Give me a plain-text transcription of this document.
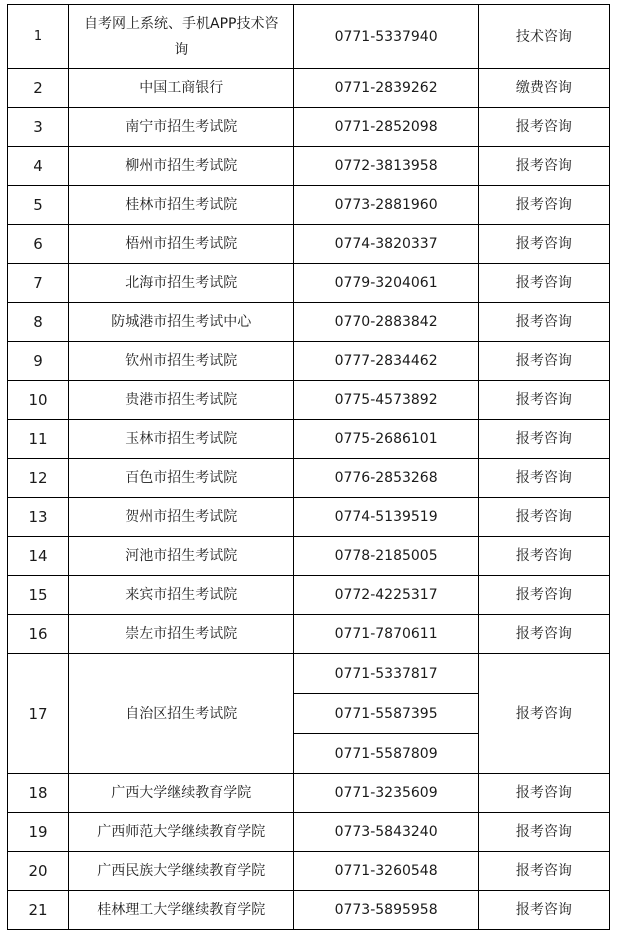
1	自考网上系统、手机APP技术咨询	0771-5337940	技术咨询
2	中国工商银行	0771-2839262	缴费咨询
3	南宁市招生考试院	0771-2852098	报考咨询
4	柳州市招生考试院	0772-3813958	报考咨询
5	桂林市招生考试院	0773-2881960	报考咨询
6	梧州市招生考试院	0774-3820337	报考咨询
7	北海市招生考试院	0779-3204061	报考咨询
8	防城港市招生考试中心	0770-2883842	报考咨询
9	钦州市招生考试院	0777-2834462	报考咨询
10	贵港市招生考试院	0775-4573892	报考咨询
11	玉林市招生考试院	0775-2686101	报考咨询
12	百色市招生考试院	0776-2853268	报考咨询
13	贺州市招生考试院	0774-5139519	报考咨询
14	河池市招生考试院	0778-2185005	报考咨询
15	来宾市招生考试院	0772-4225317	报考咨询
16	崇左市招生考试院	0771-7870611	报考咨询
17	自治区招生考试院	0771-5337817	报考咨询
		0771-5587395	
		0771-5587809	
18	广西大学继续教育学院	0771-3235609	报考咨询
19	广西师范大学继续教育学院	0773-5843240	报考咨询
20	广西民族大学继续教育学院	0771-3260548	报考咨询
21	桂林理工大学继续教育学院	0773-5895958	报考咨询
